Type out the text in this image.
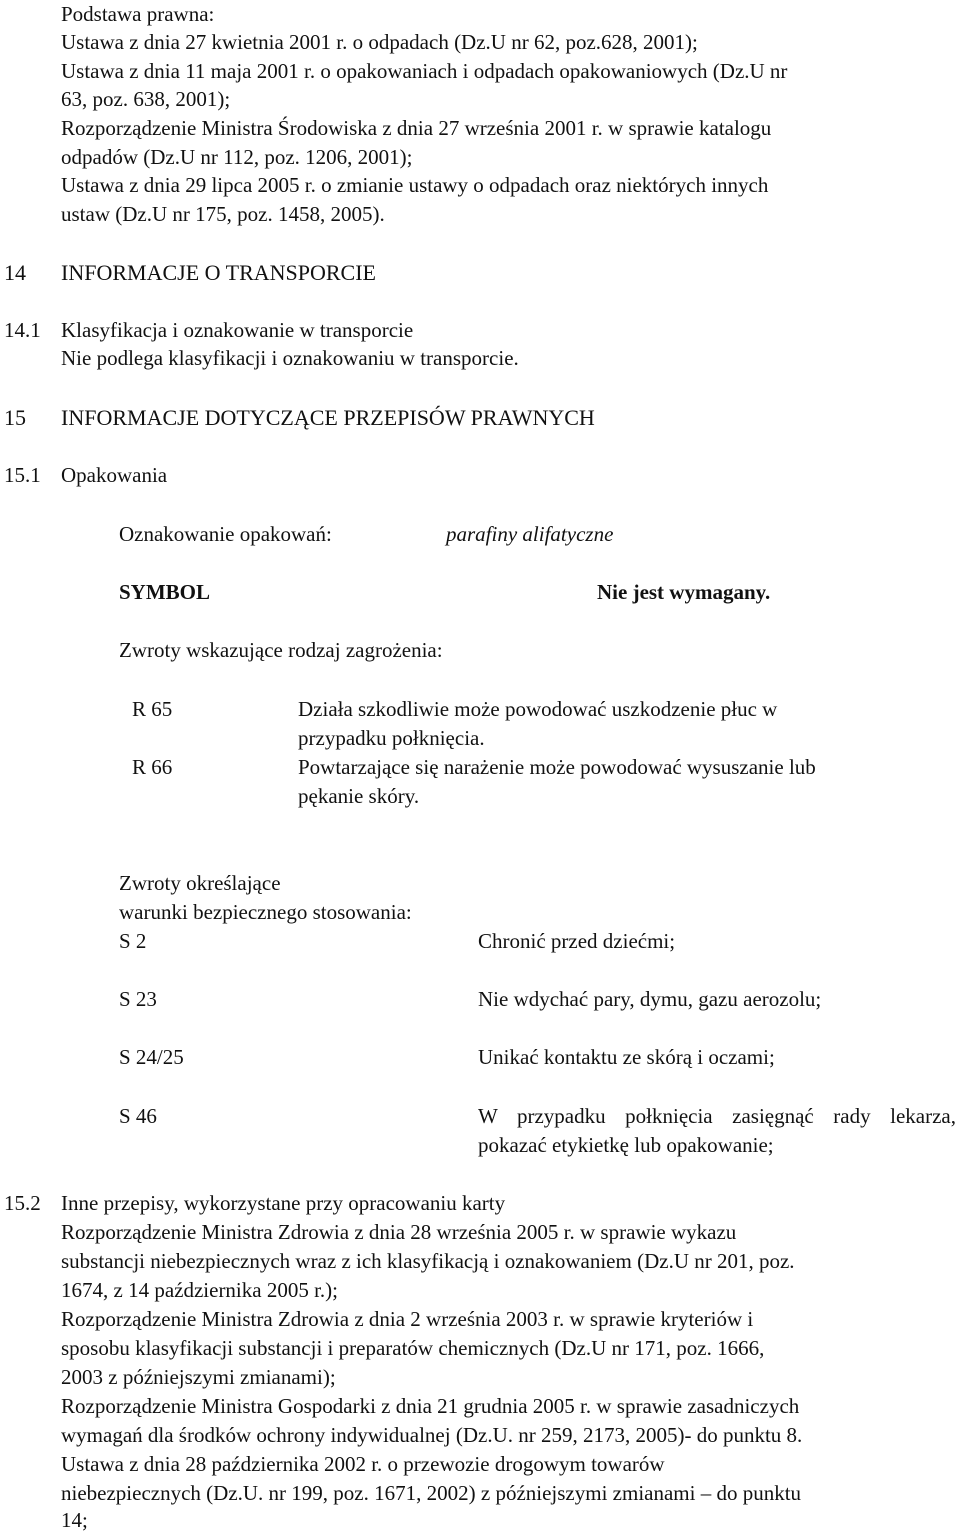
Podstawa prawna:
Ustawa z dnia 27 kwietnia 2001 r. o odpadach (Dz.U nr 62, poz.628, 2001);
Ustawa z dnia 11 maja 2001 r. o opakowaniach i odpadach opakowaniowych (Dz.U nr
63, poz. 638, 2001);
Rozporządzenie Ministra Środowiska z dnia 27 września 2001 r. w sprawie katalogu
odpadów (Dz.U nr 112, poz. 1206, 2001);
Ustawa z dnia 29 lipca 2005 r. o zmianie ustawy o odpadach oraz niektórych innych
ustaw (Dz.U nr 175, poz. 1458, 2005).
14 INFORMACJE O TRANSPORCIE
14.1 Klasyfikacja i oznakowanie w transporcie
Nie podlega klasyfikacji i oznakowaniu w transporcie.
15 INFORMACJE DOTYCZĄCE PRZEPISÓW PRAWNYCH
15.1 Opakowania
Oznakowanie opakowań:	parafiny alifatyczne
SYMBOL	Nie jest wymagany.
Zwroty wskazujące rodzaj zagrożenia:
R 65	Działa szkodliwie może powodować uszkodzenie płuc w
przypadku połknięcia.
R 66	Powtarzające się narażenie może powodować wysuszanie lub
pękanie skóry.
Zwroty określające
warunki bezpiecznego stosowania:
S 2	Chronić przed dziećmi;
S 23	Nie wdychać pary, dymu, gazu aerozolu;
S 24/25	Unikać kontaktu ze skórą i oczami;
S 46	W przypadku połknięcia zasięgnąć rady lekarza, pokazać etykietkę lub opakowanie;
15.2 Inne przepisy, wykorzystane przy opracowaniu karty
Rozporządzenie Ministra Zdrowia z dnia 28 września 2005 r. w sprawie wykazu
substancji niebezpiecznych wraz z ich klasyfikacją i oznakowaniem (Dz.U nr 201, poz.
1674, z 14 października 2005 r.);
Rozporządzenie Ministra Zdrowia z dnia 2 września 2003 r. w sprawie kryteriów i
sposobu klasyfikacji substancji i preparatów chemicznych (Dz.U nr 171, poz. 1666,
2003 z późniejszymi zmianami);
Rozporządzenie Ministra Gospodarki z dnia 21 grudnia 2005 r. w sprawie zasadniczych
wymagań dla środków ochrony indywidualnej (Dz.U. nr 259, 2173, 2005)- do punktu 8.
Ustawa z dnia 28 października 2002 r. o przewozie drogowym towarów
niebezpiecznych (Dz.U. nr 199, poz. 1671, 2002) z późniejszymi zmianami – do punktu
14;
